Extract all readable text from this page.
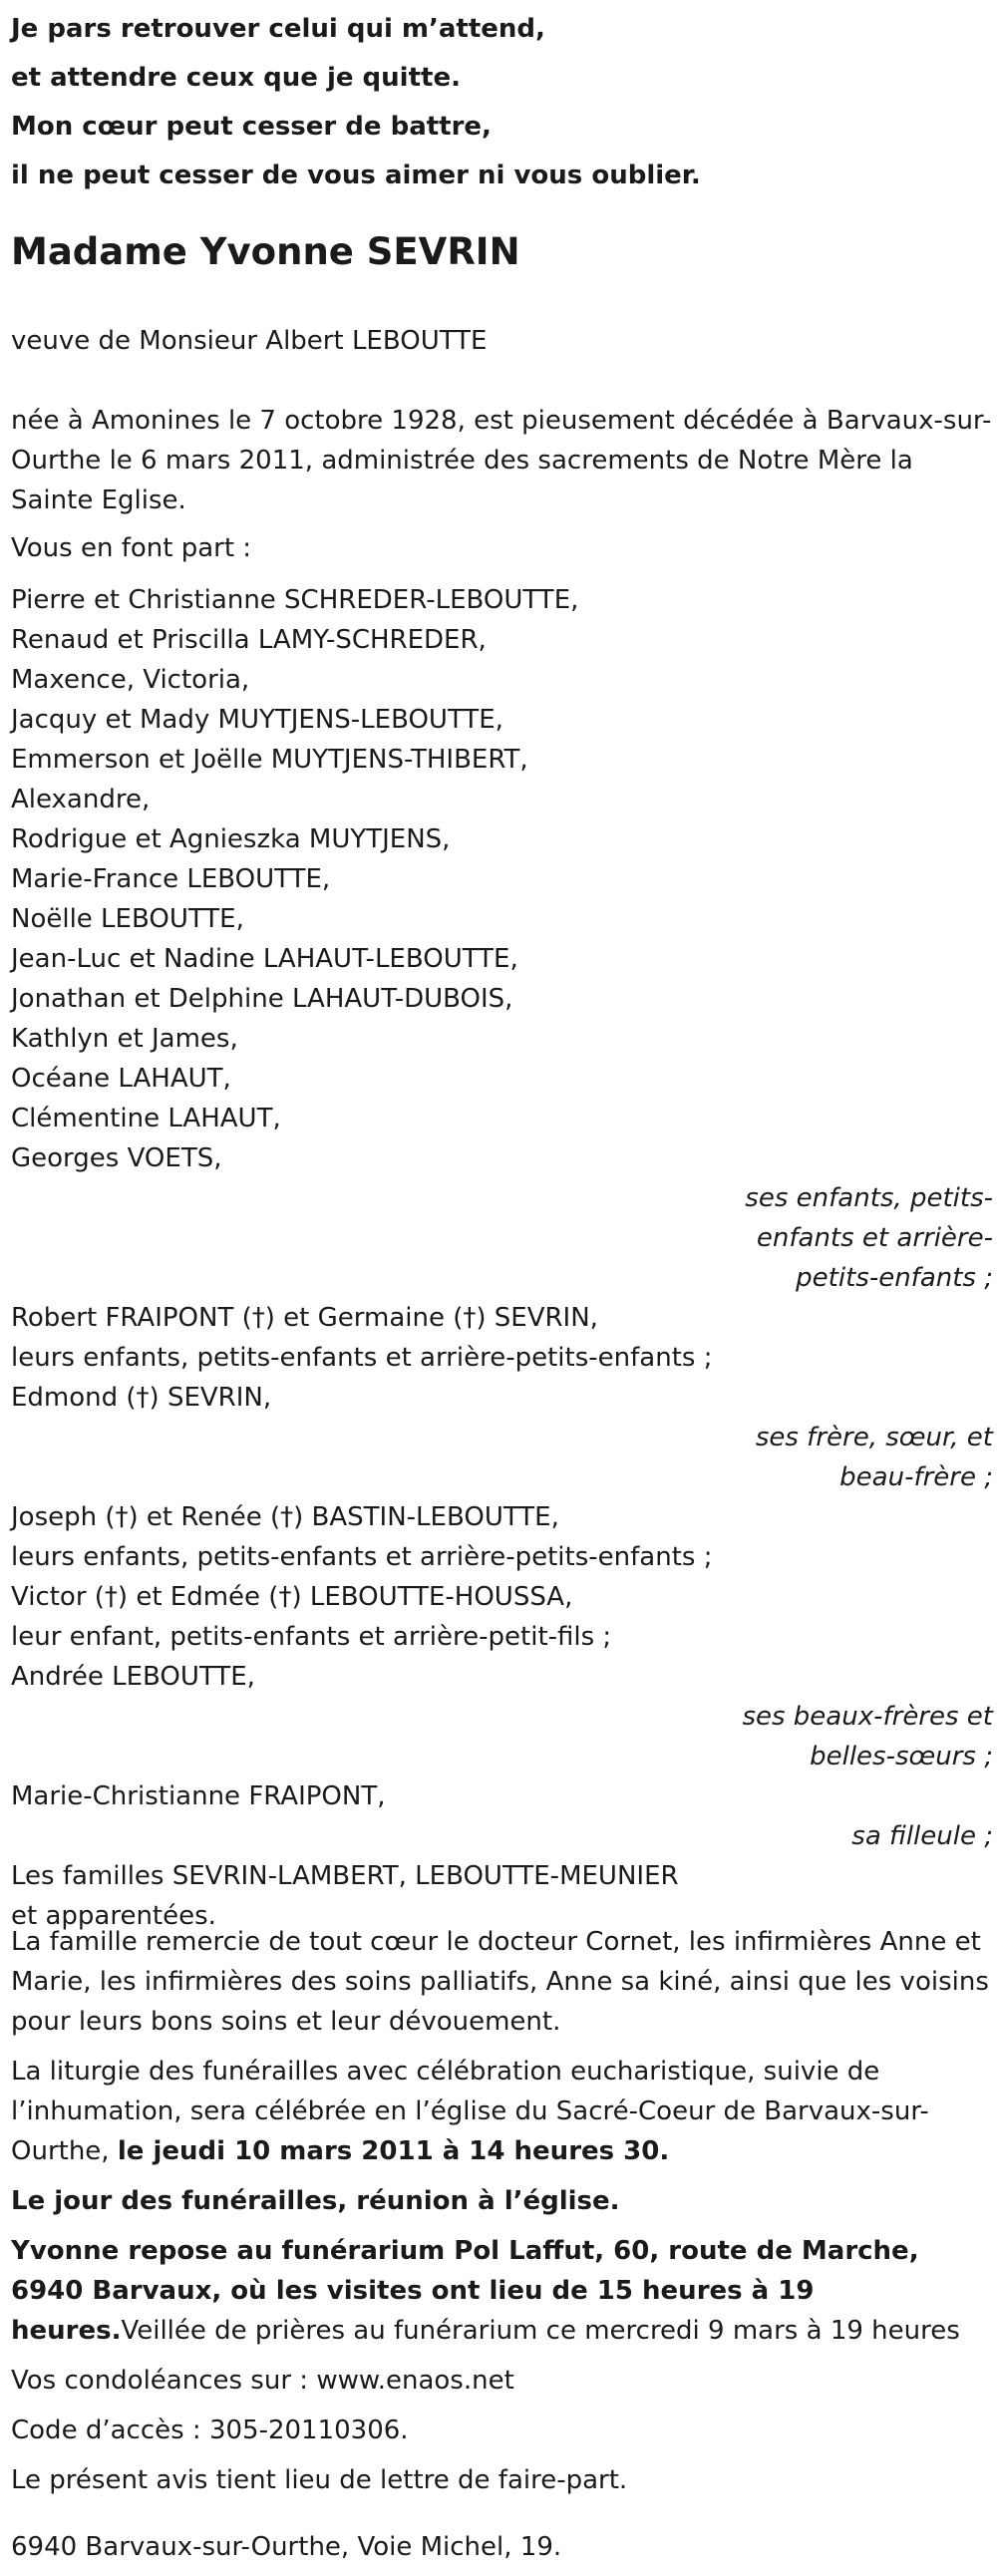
Je pars retrouver celui qui m’attend,
et attendre ceux que je quitte.
Mon cœur peut cesser de battre,
il ne peut cesser de vous aimer ni vous oublier.
Madame Yvonne SEVRIN
veuve de Monsieur Albert LEBOUTTE
née à Amonines le 7 octobre 1928, est pieusement décédée à Barvaux-sur-Ourthe le 6 mars 2011, administrée des sacrements de Notre Mère la Sainte Eglise.
Vous en font part :
Pierre et Christianne SCHREDER-LEBOUTTE,
Renaud et Priscilla LAMY-SCHREDER,
Maxence, Victoria,
Jacquy et Mady MUYTJENS-LEBOUTTE,
Emmerson et Joëlle MUYTJENS-THIBERT,
Alexandre,
Rodrigue et Agnieszka MUYTJENS,
Marie-France LEBOUTTE,
Noëlle LEBOUTTE,
Jean-Luc et Nadine LAHAUT-LEBOUTTE,
Jonathan et Delphine LAHAUT-DUBOIS,
Kathlyn et James,
Océane LAHAUT,
Clémentine LAHAUT,
Georges VOETS,
ses enfants, petits-
enfants et arrière-
petits-enfants ;
Robert FRAIPONT (†) et Germaine (†) SEVRIN,
leurs enfants, petits-enfants et arrière-petits-enfants ;
Edmond (†) SEVRIN,
ses frère, sœur, et
beau-frère ;
Joseph (†) et Renée (†) BASTIN-LEBOUTTE,
leurs enfants, petits-enfants et arrière-petits-enfants ;
Victor (†) et Edmée (†) LEBOUTTE-HOUSSA,
leur enfant, petits-enfants et arrière-petit-fils ;
Andrée LEBOUTTE,
ses beaux-frères et
belles-sœurs ;
Marie-Christianne FRAIPONT,
sa filleule ;
Les familles SEVRIN-LAMBERT, LEBOUTTE-MEUNIER
et apparentées.

La famille remercie de tout cœur le docteur Cornet, les infirmières Anne et Marie, les infirmières des soins palliatifs, Anne sa kiné, ainsi que les voisins pour leurs bons soins et leur dévouement.

La liturgie des funérailles avec célébration eucharistique, suivie de l’inhumation, sera célébrée en l’église du Sacré-Coeur de Barvaux-sur-Ourthe, le jeudi 10 mars 2011 à 14 heures 30.

Le jour des funérailles, réunion à l’église.

Yvonne repose au funérarium Pol Laffut, 60, route de Marche, 6940 Barvaux, où les visites ont lieu de 15 heures à 19 heures.Veillée de prières au funérarium ce mercredi 9 mars à 19 heures

Vos condoléances sur : www.enaos.net

Code d’accès : 305-20110306.

Le présent avis tient lieu de lettre de faire-part.

6940 Barvaux-sur-Ourthe, Voie Michel, 19.
